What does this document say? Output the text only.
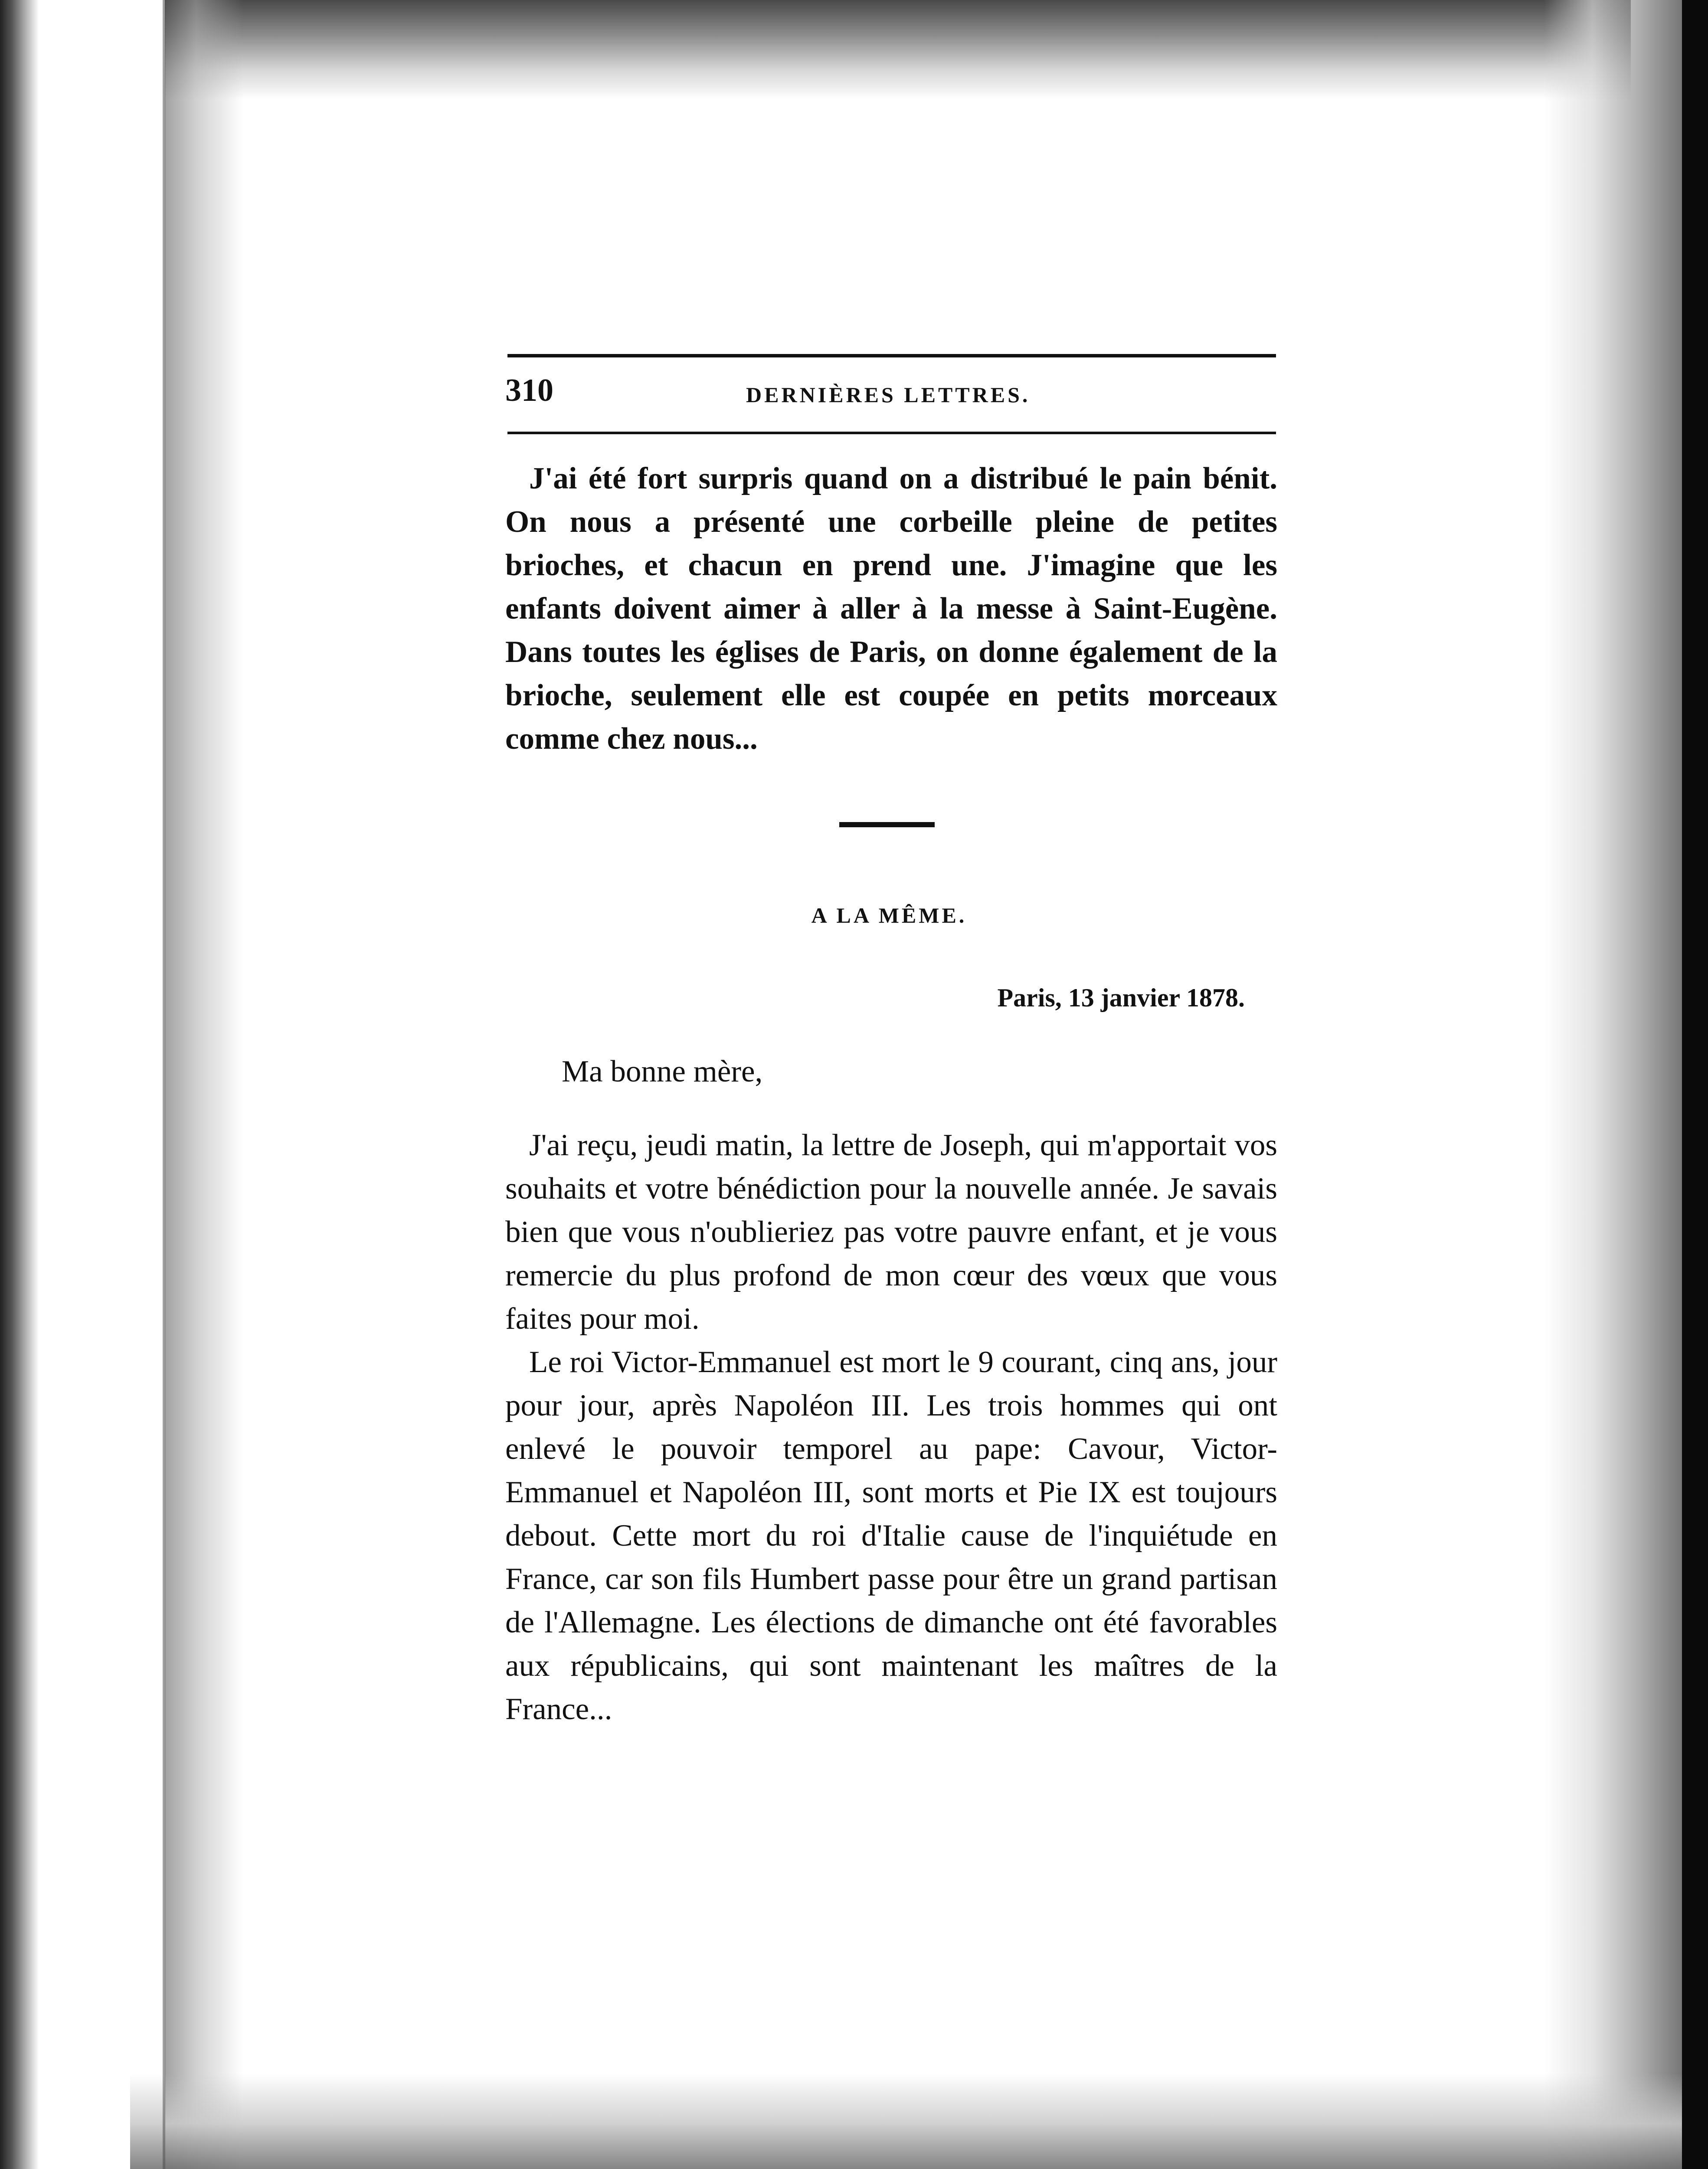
310	DERNIÈRES LETTRES.

J'ai été fort surpris quand on a distribué le pain bénit. On nous a présenté une corbeille pleine de petites brioches, et chacun en prend une. J'imagine que les enfants doivent aimer à aller à la messe à Saint-Eugène. Dans toutes les églises de Paris, on donne également de la brioche, seulement elle est coupée en petits morceaux comme chez nous...

A LA MÊME.
Paris, 13 janvier 1878.
Ma bonne mère,

J'ai reçu, jeudi matin, la lettre de Joseph, qui m'apportait vos souhaits et votre bénédiction pour la nouvelle année. Je savais bien que vous n'oublieriez pas votre pauvre enfant, et je vous remercie du plus profond de mon cœur des vœux que vous faites pour moi.

Le roi Victor-Emmanuel est mort le 9 courant, cinq ans, jour pour jour, après Napoléon III. Les trois hommes qui ont enlevé le pouvoir temporel au pape: Cavour, Victor-Emmanuel et Napoléon III, sont morts et Pie IX est toujours debout. Cette mort du roi d'Italie cause de l'inquiétude en France, car son fils Humbert passe pour être un grand partisan de l'Allemagne. Les élections de dimanche ont été favorables aux républicains, qui sont maintenant les maîtres de la France...
